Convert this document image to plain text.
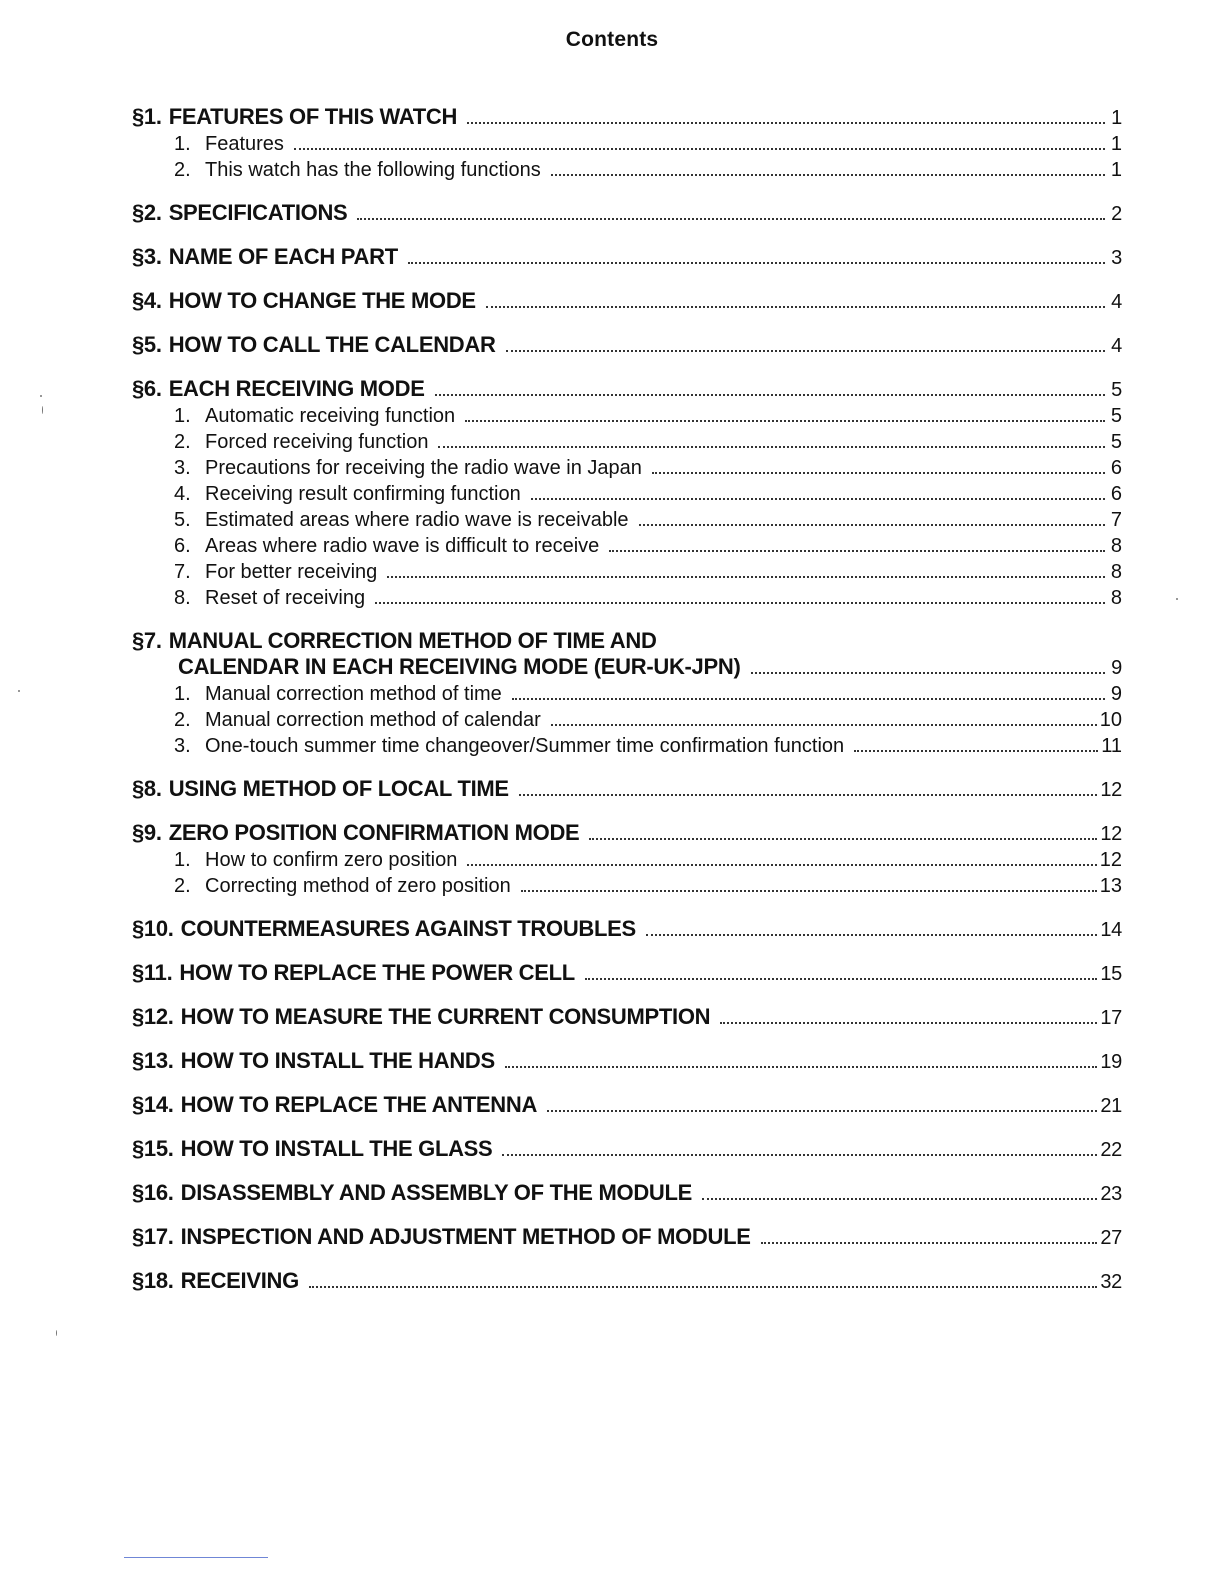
Contents
§1. FEATURES OF THIS WATCH	1
1. Features	1
2. This watch has the following functions	1
§2. SPECIFICATIONS	2
§3. NAME OF EACH PART	3
§4. HOW TO CHANGE THE MODE	4
§5. HOW TO CALL THE CALENDAR	4
§6. EACH RECEIVING MODE	5
1. Automatic receiving function	5
2. Forced receiving function	5
3. Precautions for receiving the radio wave in Japan	6
4. Receiving result confirming function	6
5. Estimated areas where radio wave is receivable	7
6. Areas where radio wave is difficult to receive	8
7. For better receiving	8
8. Reset of receiving	8
§7. MANUAL CORRECTION METHOD OF TIME AND
CALENDAR IN EACH RECEIVING MODE (EUR-UK-JPN)	9
1. Manual correction method of time	9
2. Manual correction method of calendar	10
3. One-touch summer time changeover/Summer time confirmation function	11
§8. USING METHOD OF LOCAL TIME	12
§9. ZERO POSITION CONFIRMATION MODE	12
1. How to confirm zero position	12
2. Correcting method of zero position	13
§10. COUNTERMEASURES AGAINST TROUBLES	14
§11. HOW TO REPLACE THE POWER CELL	15
§12. HOW TO MEASURE THE CURRENT CONSUMPTION	17
§13. HOW TO INSTALL THE HANDS	19
§14. HOW TO REPLACE THE ANTENNA	21
§15. HOW TO INSTALL THE GLASS	22
§16. DISASSEMBLY AND ASSEMBLY OF THE MODULE	23
§17. INSPECTION AND ADJUSTMENT METHOD OF MODULE	27
§18. RECEIVING	32
